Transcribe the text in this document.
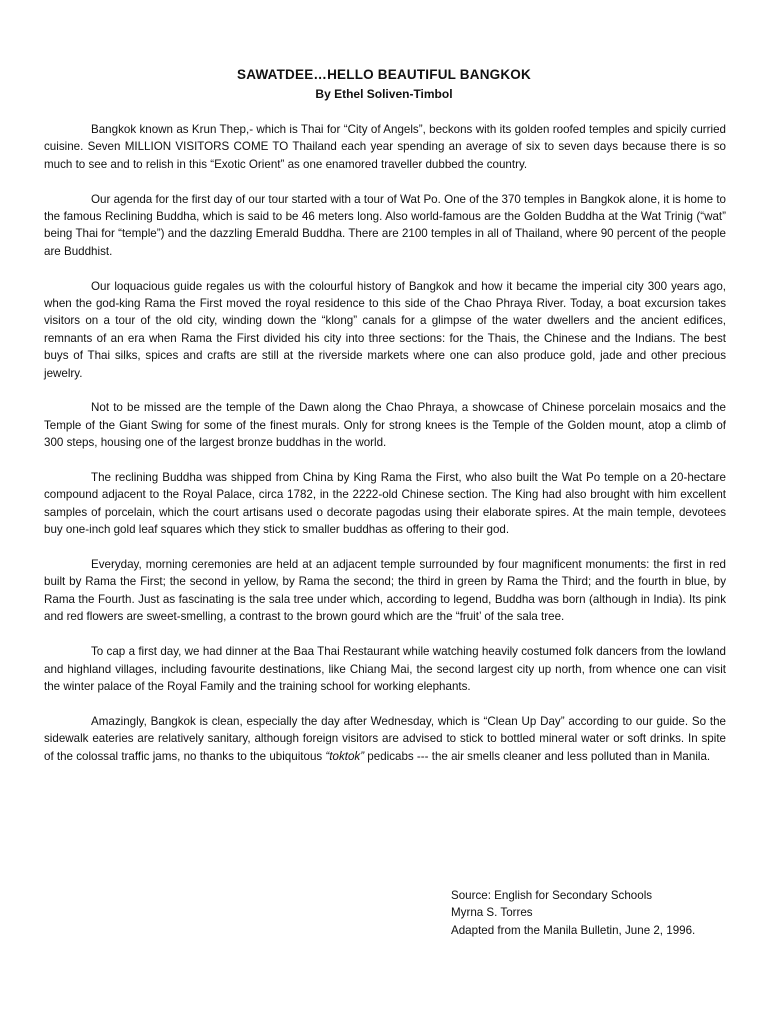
SAWATDEE…HELLO BEAUTIFUL BANGKOK
By Ethel Soliven-Timbol

Bangkok known as Krun Thep,- which is Thai for “City of Angels”, beckons with its golden roofed temples and spicily curried cuisine. Seven MILLION VISITORS COME TO Thailand each year spending an average of six to seven days because there is so much to see and to relish in this “Exotic Orient” as one enamored traveller dubbed the country.

Our agenda for the first day of our tour started with a tour of Wat Po. One of the 370 temples in Bangkok alone, it is home to the famous Reclining Buddha, which is said to be 46 meters long. Also world-famous are the Golden Buddha at the Wat Trinig (“wat” being Thai for “temple”) and the dazzling Emerald Buddha. There are 2100 temples in all of Thailand, where 90 percent of the people are Buddhist.

Our loquacious guide regales us with the colourful history of Bangkok and how it became the imperial city 300 years ago, when the god-king Rama the First moved the royal residence to this side of the Chao Phraya River. Today, a boat excursion takes visitors on a tour of the old city, winding down the “klong” canals for a glimpse of the water dwellers and the ancient edifices, remnants of an era when Rama the First divided his city into three sections: for the Thais, the Chinese and the Indians. The best buys of Thai silks, spices and crafts are still at the riverside markets where one can also produce gold, jade and other precious jewelry.

Not to be missed are the temple of the Dawn along the Chao Phraya, a showcase of Chinese porcelain mosaics and the Temple of the Giant Swing for some of the finest murals. Only for strong knees is the Temple of the Golden mount, atop a climb of 300 steps, housing one of the largest bronze buddhas in the world.

The reclining Buddha was shipped from China by King Rama the First, who also built the Wat Po temple on a 20-hectare compound adjacent to the Royal Palace, circa 1782, in the 2222-old Chinese section. The King had also brought with him excellent samples of porcelain, which the court artisans used o decorate pagodas using their elaborate spires. At the main temple, devotees buy one-inch gold leaf squares which they stick to smaller buddhas as offering to their god.

Everyday, morning ceremonies are held at an adjacent temple surrounded by four magnificent monuments: the first in red built by Rama the First; the second in yellow, by Rama the second; the third in green by Rama the Third; and the fourth in blue, by Rama the Fourth. Just as fascinating is the sala tree under which, according to legend, Buddha was born (although in India). Its pink and red flowers are sweet-smelling, a contrast to the brown gourd which are the “fruit’ of the sala tree.

To cap a first day, we had dinner at the Baa Thai Restaurant while watching heavily costumed folk dancers from the lowland and highland villages, including favourite destinations, like Chiang Mai, the second largest city up north, from whence one can visit the winter palace of the Royal Family and the training school for working elephants.

Amazingly, Bangkok is clean, especially the day after Wednesday, which is “Clean Up Day” according to our guide. So the sidewalk eateries are relatively sanitary, although foreign visitors are advised to stick to bottled mineral water or soft drinks. In spite of the colossal traffic jams, no thanks to the ubiquitous “toktok” pedicabs --- the air smells cleaner and less polluted than in Manila.

Source: English for Secondary Schools
Myrna S. Torres
Adapted from the Manila Bulletin, June 2, 1996.
